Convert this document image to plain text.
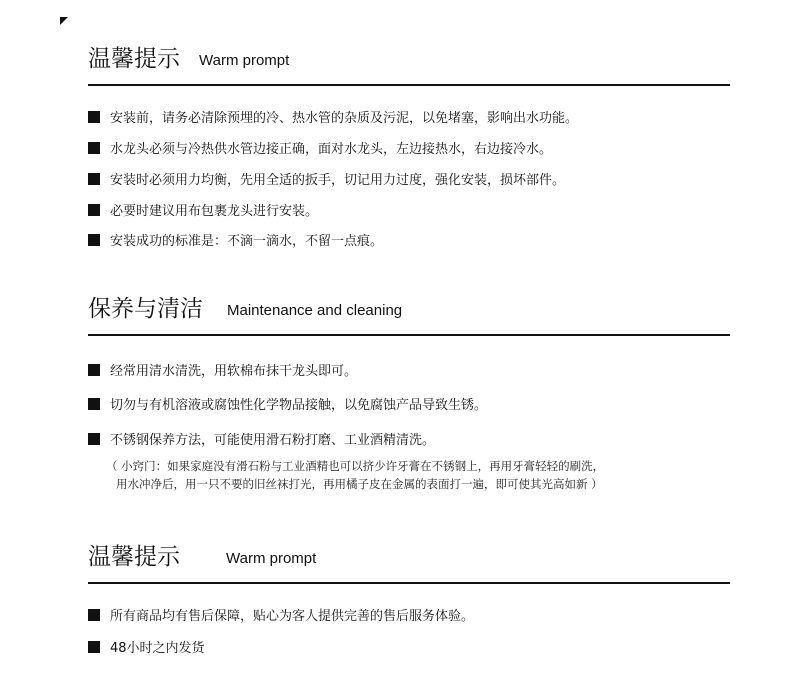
温馨提示 Warm prompt
安装前，请务必清除预埋的冷、热水管的杂质及污泥，以免堵塞，影响出水功能。
水龙头必须与冷热供水管边接正确，面对水龙头，左边接热水，右边接冷水。
安装时必须用力均衡，先用全适的扳手，切记用力过度，强化安装，损坏部件。
必要时建议用布包裹龙头进行安装。
安装成功的标准是：不滴一滴水，不留一点痕。
保养与清洁 Maintenance and cleaning
经常用清水清洗，用软棉布抹干龙头即可。
切勿与有机溶液或腐蚀性化学物品接触，以免腐蚀产品导致生锈。
不锈钢保养方法，可能使用滑石粉打磨、工业酒精清洗。
（ 小窍门：如果家庭没有滑石粉与工业酒精也可以挤少许牙膏在不锈钢上，再用牙膏轻轻的刷洗，
用水冲净后，用一只不要的旧丝袜打光，再用橘子皮在金属的表面打一遍，即可使其光高如新 ）
温馨提示	Warm prompt
所有商品均有售后保障，贴心为客人提供完善的售后服务体验。
48小时之内发货
